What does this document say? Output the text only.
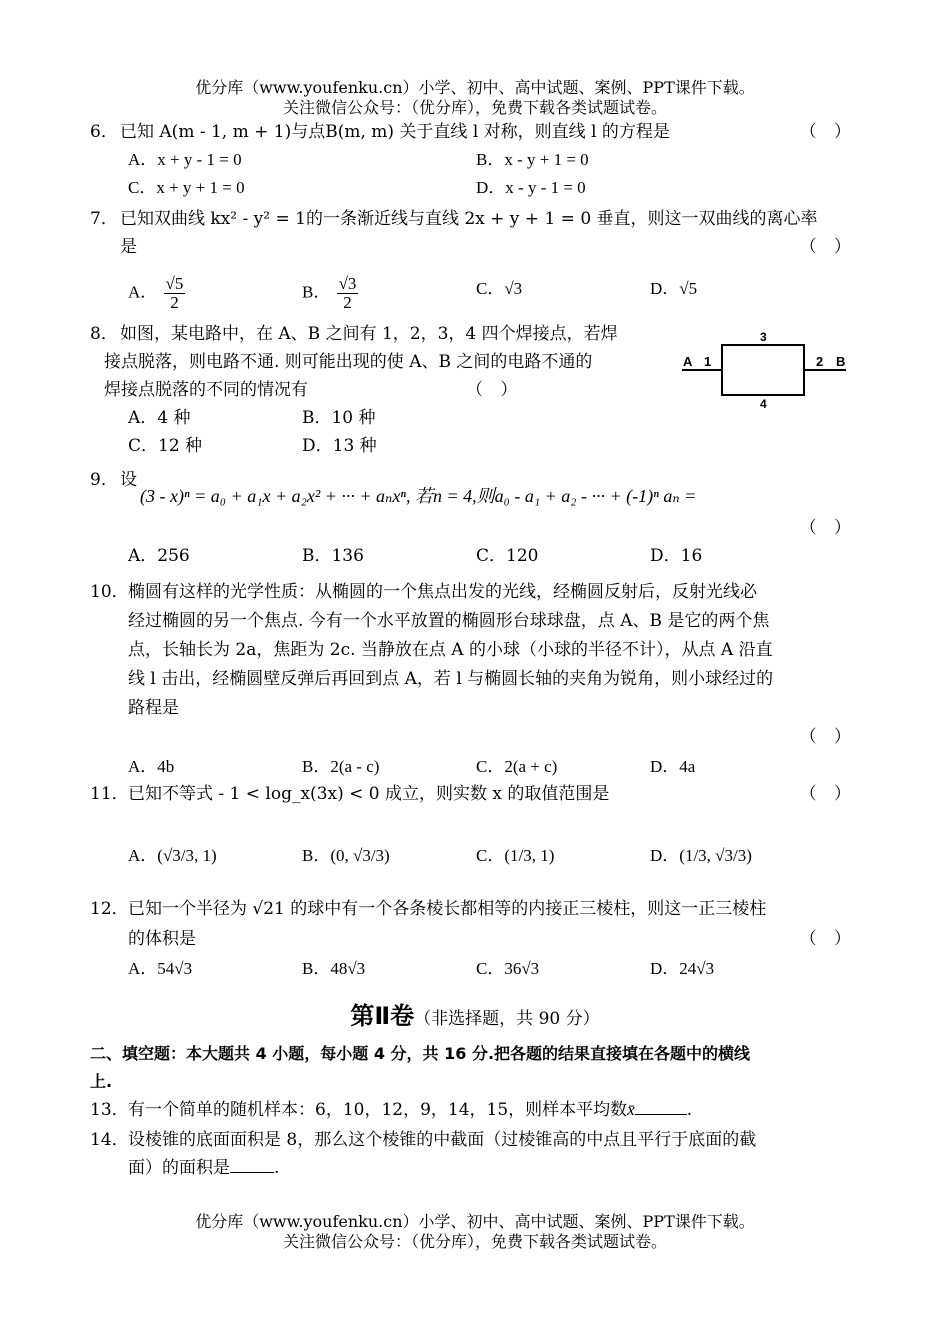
优分库（www.youfenku.cn）小学、初中、高中试题、案例、PPT课件下载。
关注微信公众号：（优分库），免费下载各类试题试卷。
6． 已知 A(m - 1, m + 1)与点B(m, m) 关于直线 l 对称，则直线 l 的方程是	（ ）
A．x + y - 1 = 0	B．x - y + 1 = 0
C．x + y + 1 = 0	D．x - y - 1 = 0
7． 已知双曲线 kx² - y² = 1的一条渐近线与直线 2x + y + 1 = 0 垂直，则这一双曲线的离心率
是	（ ）
A． $\frac{√5}{2}$	B． $\frac{√3}{2}$	C．√3	D．√5
8． 如图，某电路中，在 A、B 之间有 1，2，3，4 四个焊接点，若焊
接点脱落，则电路不通. 则可能出现的使 A、B 之间的电路不通的
焊接点脱落的不同的情况有	（ ）
A．4 种	B．10 种
C．12 种	D．13 种
A 1	2 B
3
4
9． 设
(3 - x)ⁿ = a₀ + a₁x + a₂x² + ··· + aₙxⁿ, 若n = 4,则a₀ - a₁ + a₂ - ··· + (-1)ⁿ aₙ =
（ ）
A．256	B．136	C．120	D．16
10． 椭圆有这样的光学性质：从椭圆的一个焦点出发的光线，经椭圆反射后，反射光线必
经过椭圆的另一个焦点. 今有一个水平放置的椭圆形台球球盘，点 A、B 是它的两个焦
点，长轴长为 2a，焦距为 2c. 当静放在点 A 的小球（小球的半径不计），从点 A 沿直
线 l 击出，经椭圆壁反弹后再回到点 A，若 l 与椭圆长轴的夹角为锐角，则小球经过的
路程是
（ ）
A．4b	B．2(a - c)	C．2(a + c)	D．4a
11． 已知不等式 - 1 < log_x(3x) < 0 成立，则实数 x 的取值范围是	（ ）
A．(√3/3, 1)	B．(0, √3/3)	C．(1/3, 1)	D．(1/3, √3/3)
12． 已知一个半径为 √21 的球中有一个各条棱长都相等的内接正三棱柱，则这一正三棱柱
的体积是	（ ）
A．54√3	B．48√3	C．36√3	D．24√3
第Ⅱ卷（非选择题，共 90 分）
二、填空题：本大题共 4 小题，每小题 4 分，共 16 分.把各题的结果直接填在各题中的横线
上.
13． 有一个简单的随机样本：6，10，12，9，14，15，则样本平均数x̄	.
14． 设棱锥的底面面积是 8，那么这个棱锥的中截面（过棱锥高的中点且平行于底面的截
面）的面积是	.
优分库（www.youfenku.cn）小学、初中、高中试题、案例、PPT课件下载。
关注微信公众号：（优分库），免费下载各类试题试卷。
